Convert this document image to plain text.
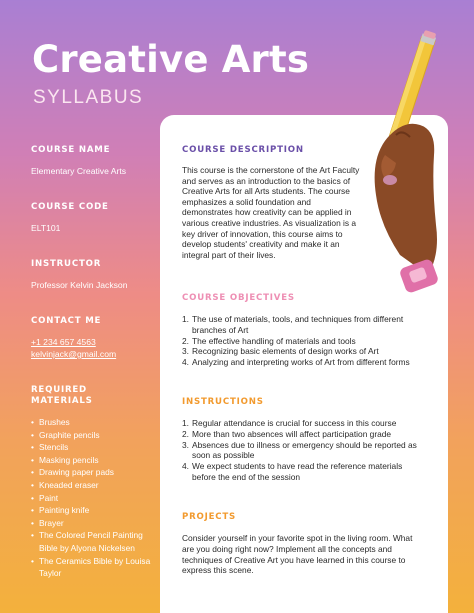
Creative Arts
SYLLABUS
COURSE NAME
Elementary Creative Arts
COURSE CODE
ELT101
INSTRUCTOR
Professor Kelvin Jackson
CONTACT ME
+1 234 657 4563
kelvinjack@gmail.com
REQUIRED
MATERIALS
• Brushes
• Graphite pencils
• Stencils
• Masking pencils
• Drawing paper pads
• Kneaded eraser
• Paint
• Painting knife
• Brayer
• The Colored Pencil Painting Bible by Alyona Nickelsen
• The Ceramics Bible by Louisa Taylor
COURSE DESCRIPTION
This course is the cornerstone of the Art Faculty and serves as an introduction to the basics of Creative Arts for all Arts students. The course emphasizes a solid foundation and demonstrates how creativity can be applied in various creative industries. As visualization is a key driver of innovation, this course aims to develop students' creativity and make it an integral part of their lives.
COURSE OBJECTIVES
1. The use of materials, tools, and techniques from different branches of Art
2. The effective handling of materials and tools
3. Recognizing basic elements of design works of Art
4. Analyzing and interpreting works of Art from different forms
INSTRUCTIONS
1. Regular attendance is crucial for success in this course
2. More than two absences will affect participation grade
3. Absences due to illness or emergency should be reported as soon as possible
4. We expect students to have read the reference materials before the end of the session
PROJECTS
Consider yourself in your favorite spot in the living room. What are you doing right now? Implement all the concepts and techniques of Creative Art you have learned in this course to express this scene.
